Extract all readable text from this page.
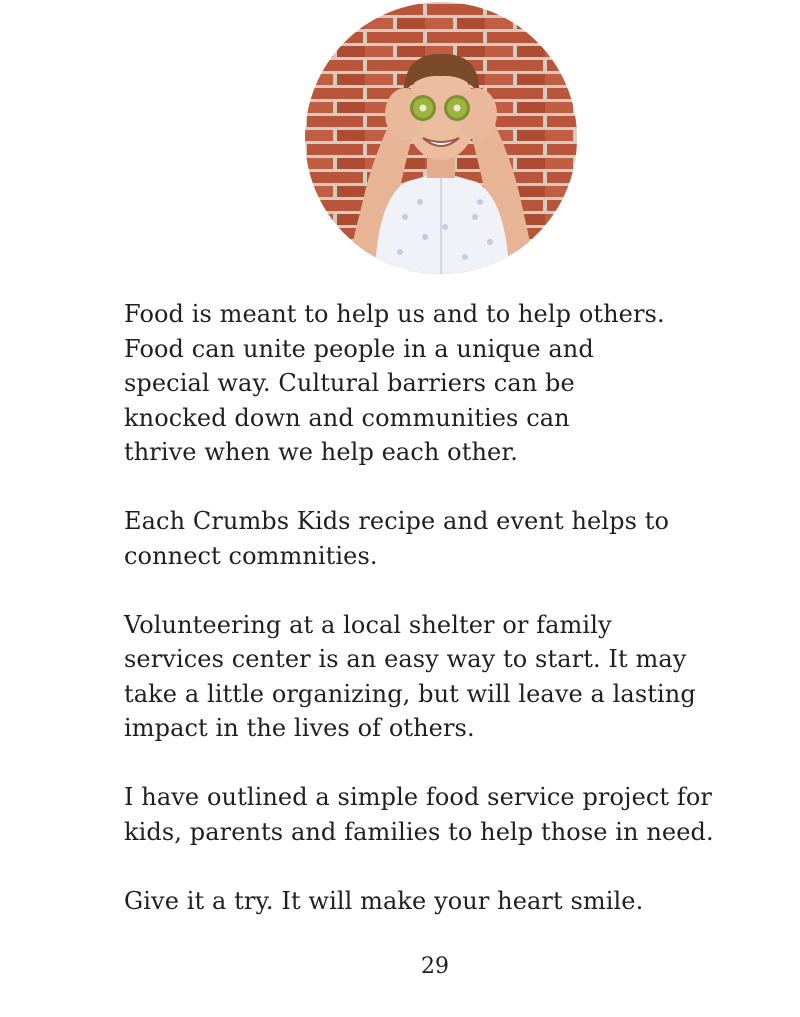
Food is meant to help us and to help others.
Food can unite people in a unique and
special way. Cultural barriers can be
knocked down and communities can
thrive when we help each other.

Each Crumbs Kids recipe and event helps to
connect commnities.

Volunteering at a local shelter or family
services center is an easy way to start. It may
take a little organizing, but will leave a lasting
impact in the lives of others.

I have outlined a simple food service project for
kids, parents and families to help those in need.

Give it a try. It will make your heart smile.

29
